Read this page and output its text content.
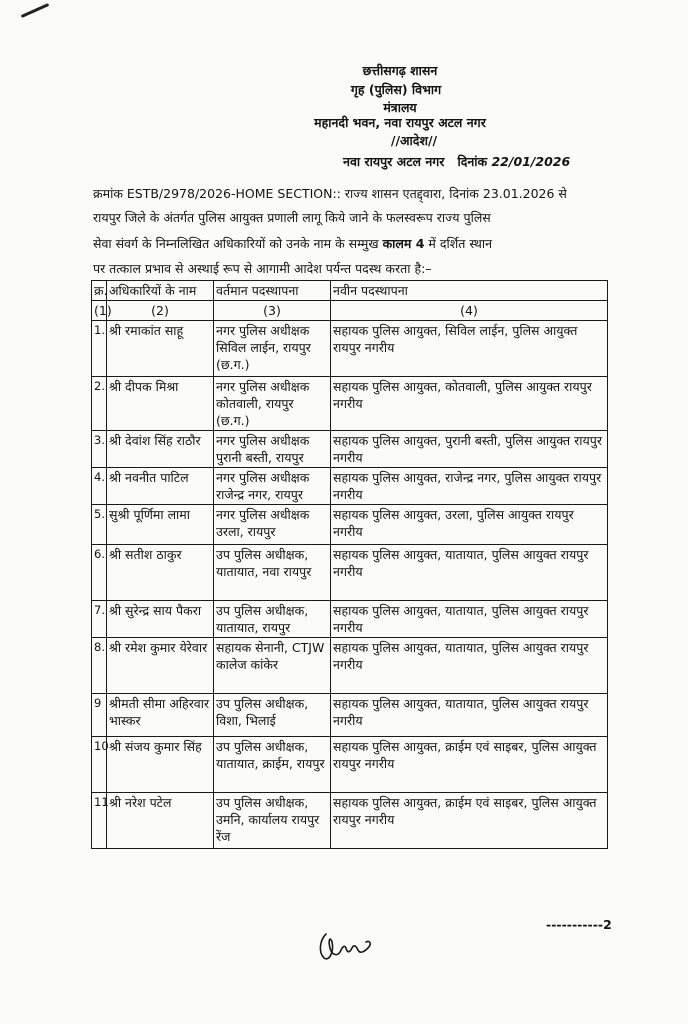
छत्तीसगढ़ शासन
गृह (पुलिस) विभाग
मंत्रालय
महानदी भवन, नवा रायपुर अटल नगर
//आदेश//
नवा रायपुर अटल नगर दिनांक 22/01/2026
क्रमांक ESTB/2978/2026-HOME SECTION:: राज्य शासन एतद्द्वारा, दिनांक 23.01.2026 से
रायपुर जिले के अंतर्गत पुलिस आयुक्त प्रणाली लागू किये जाने के फलस्वरूप राज्य पुलिस
सेवा संवर्ग के निम्नलिखित अधिकारियों को उनके नाम के सम्मुख कालम 4 में दर्शित स्थान
पर तत्काल प्रभाव से अस्थाई रूप से आगामी आदेश पर्यन्त पदस्थ करता है:–
क्र.	अधिकारियों के नाम	वर्तमान पदस्थापना	नवीन पदस्थापना
(1)	(2)	(3)	(4)
1.	श्री रमाकांत साहू	नगर पुलिस अधीक्षक सिविल लाईन, रायपुर (छ.ग.)	सहायक पुलिस आयुक्त, सिविल लाईन, पुलिस आयुक्त रायपुर नगरीय
2.	श्री दीपक मिश्रा	नगर पुलिस अधीक्षक कोतवाली, रायपुर (छ.ग.)	सहायक पुलिस आयुक्त, कोतवाली, पुलिस आयुक्त रायपुर नगरीय
3.	श्री देवांश सिंह राठौर	नगर पुलिस अधीक्षक पुरानी बस्ती, रायपुर	सहायक पुलिस आयुक्त, पुरानी बस्ती, पुलिस आयुक्त रायपुर नगरीय
4.	श्री नवनीत पाटिल	नगर पुलिस अधीक्षक राजेन्द्र नगर, रायपुर	सहायक पुलिस आयुक्त, राजेन्द्र नगर, पुलिस आयुक्त रायपुर नगरीय
5.	सुश्री पूर्णिमा लामा	नगर पुलिस अधीक्षक उरला, रायपुर	सहायक पुलिस आयुक्त, उरला, पुलिस आयुक्त रायपुर नगरीय
6.	श्री सतीश ठाकुर	उप पुलिस अधीक्षक, यातायात, नवा रायपुर	सहायक पुलिस आयुक्त, यातायात, पुलिस आयुक्त रायपुर नगरीय
7.	श्री सुरेन्द्र साय पैकरा	उप पुलिस अधीक्षक, यातायात, रायपुर	सहायक पुलिस आयुक्त, यातायात, पुलिस आयुक्त रायपुर नगरीय
8.	श्री रमेश कुमार येरेवार	सहायक सेनानी, CTJW कालेज कांकेर	सहायक पुलिस आयुक्त, यातायात, पुलिस आयुक्त रायपुर नगरीय
9	श्रीमती सीमा अहिरवार भास्कर	उप पुलिस अधीक्षक, विशा, भिलाई	सहायक पुलिस आयुक्त, यातायात, पुलिस आयुक्त रायपुर नगरीय
10	श्री संजय कुमार सिंह	उप पुलिस अधीक्षक, यातायात, क्राईम, रायपुर	सहायक पुलिस आयुक्त, क्राईम एवं साइबर, पुलिस आयुक्त रायपुर नगरीय
11	श्री नरेश पटेल	उप पुलिस अधीक्षक, उमनि, कार्यालय रायपुर रेंज	सहायक पुलिस आयुक्त, क्राईम एवं साइबर, पुलिस आयुक्त रायपुर नगरीय
-----------2
